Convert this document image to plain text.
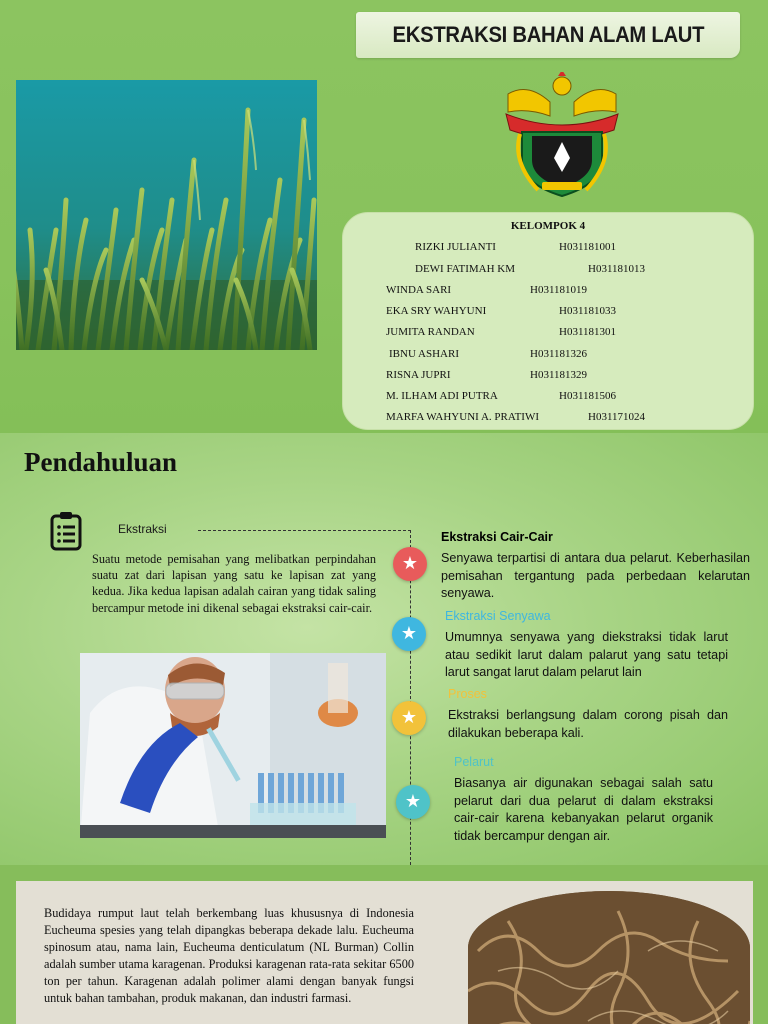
EKSTRAKSI BAHAN ALAM LAUT
KELOMPOK 4
RIZKI JULIANTI	H031181001
DEWI FATIMAH KM	H031181013
WINDA SARI	H031181019
EKA SRY WAHYUNI	H031181033
JUMITA RANDAN	H031181301
IBNU ASHARI	H031181326
RISNA JUPRI	H031181329
M. ILHAM ADI PUTRA	H031181506
MARFA WAHYUNI A. PRATIWI	H031171024
Pendahuluan
Ekstraksi
Suatu metode pemisahan yang melibatkan perpindahan suatu zat dari lapisan yang satu ke lapisan zat yang kedua. Jika kedua lapisan adalah cairan yang tidak saling bercampur metode ini dikenal sebagai ekstraksi cair-cair.
Ekstraksi Cair-Cair
★ Senyawa terpartisi di antara dua pelarut. Keberhasilan pemisahan tergantung pada perbedaan kelarutan senyawa.
Ekstraksi Senyawa
★ Umumnya senyawa yang diekstraksi tidak larut atau sedikit larut dalam palarut yang satu tetapi larut sangat larut dalam pelarut lain
Proses
★ Ekstraksi berlangsung dalam corong pisah dan dilakukan beberapa kali.
Pelarut
★
Biasanya air digunakan sebagai salah satu pelarut dari dua pelarut di dalam ekstraksi cair-cair karena kebanyakan pelarut organik tidak bercampur dengan air.
Budidaya rumput laut telah berkembang luas khususnya di Indonesia Eucheuma spesies yang telah dipangkas beberapa dekade lalu. Eucheuma spinosum atau, nama lain, Eucheuma denticulatum (NL Burman) Collin adalah sumber utama karagenan. Produksi karagenan rata-rata sekitar 6500 ton per tahun. Karagenan adalah polimer alami dengan banyak fungsi untuk bahan tambahan, produk makanan, dan industri farmasi.
